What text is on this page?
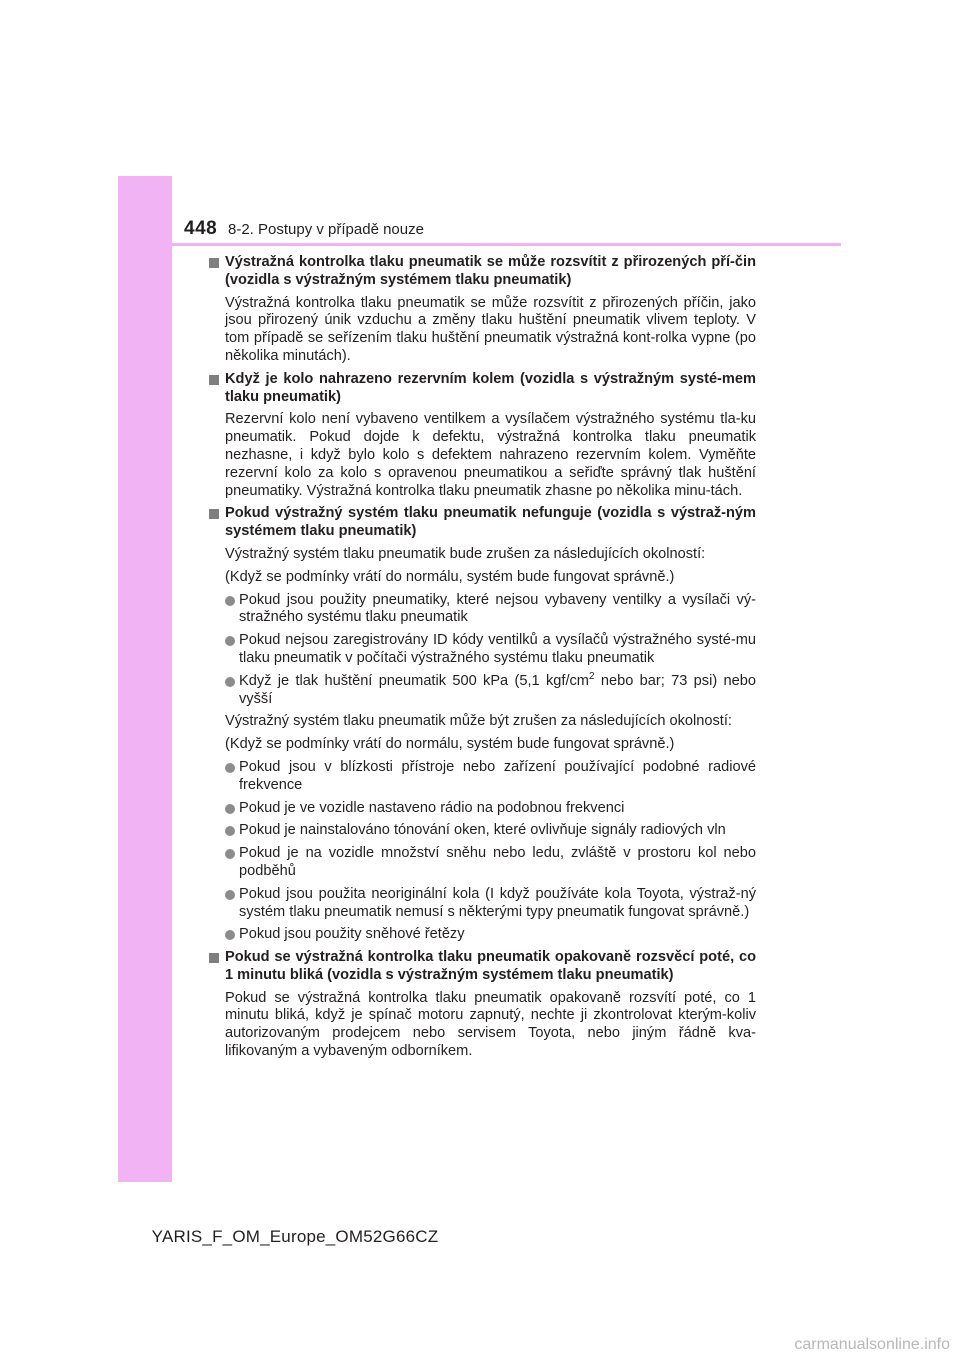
448 8-2. Postupy v případě nouze
Výstražná kontrolka tlaku pneumatik se může rozsvítit z přirozených pří-čin (vozidla s výstražným systémem tlaku pneumatik)
Výstražná kontrolka tlaku pneumatik se může rozsvítit z přirozených příčin, jako jsou přirozený únik vzduchu a změny tlaku huštění pneumatik vlivem teploty. V tom případě se seřízením tlaku huštění pneumatik výstražná kont-rolka vypne (po několika minutách).
Když je kolo nahrazeno rezervním kolem (vozidla s výstražným systé-mem tlaku pneumatik)
Rezervní kolo není vybaveno ventilkem a vysílačem výstražného systému tla-ku pneumatik. Pokud dojde k defektu, výstražná kontrolka tlaku pneumatik nezhasne, i když bylo kolo s defektem nahrazeno rezervním kolem. Vyměňte rezervní kolo za kolo s opravenou pneumatikou a seřiďte správný tlak huštění pneumatiky. Výstražná kontrolka tlaku pneumatik zhasne po několika minu-tách.
Pokud výstražný systém tlaku pneumatik nefunguje (vozidla s výstraž-ným systémem tlaku pneumatik)
Výstražný systém tlaku pneumatik bude zrušen za následujících okolností:
(Když se podmínky vrátí do normálu, systém bude fungovat správně.)
Pokud jsou použity pneumatiky, které nejsou vybaveny ventilky a vysílači vý-stražného systému tlaku pneumatik
Pokud nejsou zaregistrovány ID kódy ventilků a vysílačů výstražného systé-mu tlaku pneumatik v počítači výstražného systému tlaku pneumatik
Když je tlak huštění pneumatik 500 kPa (5,1 kgf/$cm^2$ nebo bar; 73 psi) nebo vyšší
Výstražný systém tlaku pneumatik může být zrušen za následujících okolností:
(Když se podmínky vrátí do normálu, systém bude fungovat správně.)
Pokud jsou v blízkosti přístroje nebo zařízení používající podobné radiové frekvence
Pokud je ve vozidle nastaveno rádio na podobnou frekvenci
Pokud je nainstalováno tónování oken, které ovlivňuje signály radiových vln
Pokud je na vozidle množství sněhu nebo ledu, zvláště v prostoru kol nebo podběhů
Pokud jsou použita neoriginální kola (I když používáte kola Toyota, výstraž-ný systém tlaku pneumatik nemusí s některými typy pneumatik fungovat správně.)
Pokud jsou použity sněhové řetězy
Pokud se výstražná kontrolka tlaku pneumatik opakovaně rozsvěcí poté, co 1 minutu bliká (vozidla s výstražným systémem tlaku pneumatik)
Pokud se výstražná kontrolka tlaku pneumatik opakovaně rozsvítí poté, co 1 minutu bliká, když je spínač motoru zapnutý, nechte ji zkontrolovat kterým-koliv autorizovaným prodejcem nebo servisem Toyota, nebo jiným řádně kva-lifikovaným a vybaveným odborníkem.
YARIS_F_OM_Europe_OM52G66CZ
carmanualsonline.info
